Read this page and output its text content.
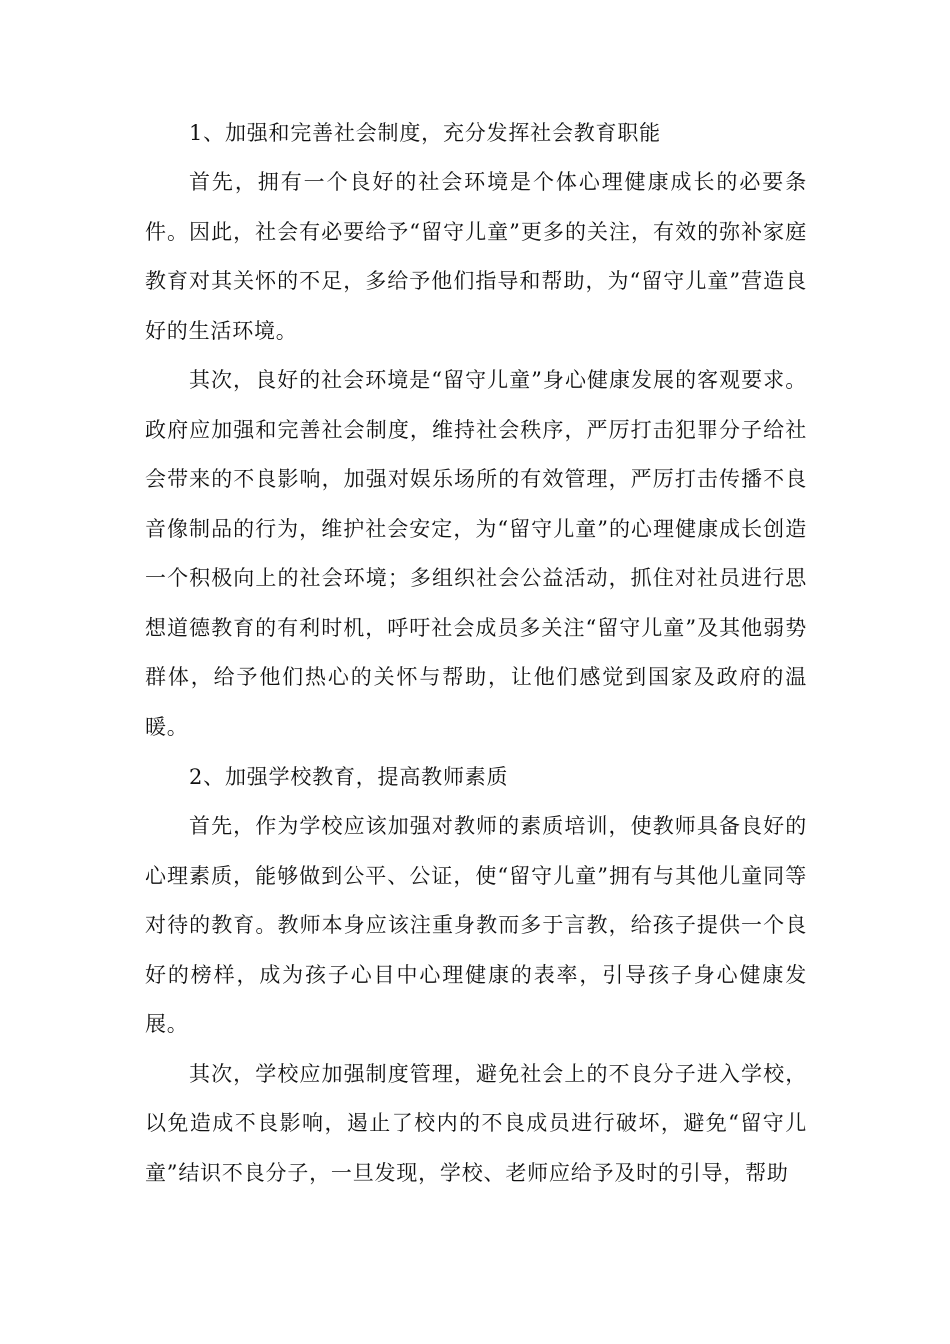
1、加强和完善社会制度，充分发挥社会教育职能

首先，拥有一个良好的社会环境是个体心理健康成长的必要条件。因此，社会有必要给予“留守儿童”更多的关注，有效的弥补家庭教育对其关怀的不足，多给予他们指导和帮助，为“留守儿童”营造良好的生活环境。

其次，良好的社会环境是“留守儿童”身心健康发展的客观要求。政府应加强和完善社会制度，维持社会秩序，严厉打击犯罪分子给社会带来的不良影响，加强对娱乐场所的有效管理，严厉打击传播不良音像制品的行为，维护社会安定，为“留守儿童”的心理健康成长创造一个积极向上的社会环境；多组织社会公益活动，抓住对社员进行思想道德教育的有利时机，呼吁社会成员多关注“留守儿童”及其他弱势群体，给予他们热心的关怀与帮助，让他们感觉到国家及政府的温暖。

2、加强学校教育，提高教师素质

首先，作为学校应该加强对教师的素质培训，使教师具备良好的心理素质，能够做到公平、公证，使“留守儿童”拥有与其他儿童同等对待的教育。教师本身应该注重身教而多于言教，给孩子提供一个良好的榜样，成为孩子心目中心理健康的表率，引导孩子身心健康发展。

其次，学校应加强制度管理，避免社会上的不良分子进入学校，以免造成不良影响，遏止了校内的不良成员进行破坏，避免“留守儿童”结识不良分子，一旦发现，学校、老师应给予及时的引导，帮助
